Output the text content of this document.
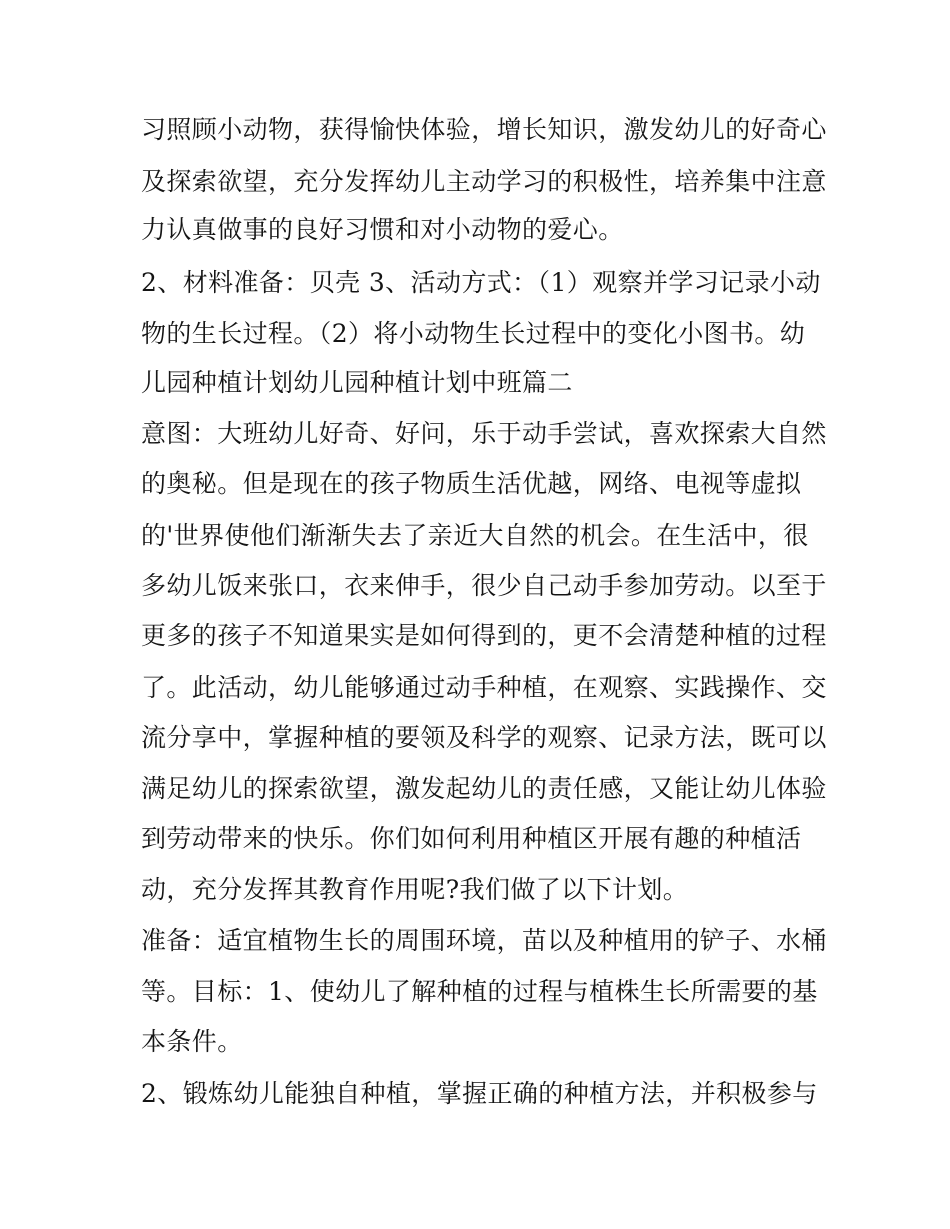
习照顾小动物，获得愉快体验，增长知识，激发幼儿的好奇心
及探索欲望，充分发挥幼儿主动学习的积极性，培养集中注意
力认真做事的良好习惯和对小动物的爱心。
2、材料准备：贝壳 3、活动方式：（1）观察并学习记录小动
物的生长过程。（2）将小动物生长过程中的变化小图书。幼
儿园种植计划幼儿园种植计划中班篇二
意图：大班幼儿好奇、好问，乐于动手尝试，喜欢探索大自然
的奥秘。但是现在的孩子物质生活优越，网络、电视等虚拟
的'世界使他们渐渐失去了亲近大自然的机会。在生活中，很
多幼儿饭来张口，衣来伸手，很少自己动手参加劳动。以至于
更多的孩子不知道果实是如何得到的，更不会清楚种植的过程
了。此活动，幼儿能够通过动手种植，在观察、实践操作、交
流分享中，掌握种植的要领及科学的观察、记录方法，既可以
满足幼儿的探索欲望，激发起幼儿的责任感，又能让幼儿体验
到劳动带来的快乐。你们如何利用种植区开展有趣的种植活
动，充分发挥其教育作用呢?我们做了以下计划。
准备：适宜植物生长的周围环境，苗以及种植用的铲子、水桶
等。目标：1、使幼儿了解种植的过程与植株生长所需要的基
本条件。
2、锻炼幼儿能独自种植，掌握正确的种植方法，并积极参与
